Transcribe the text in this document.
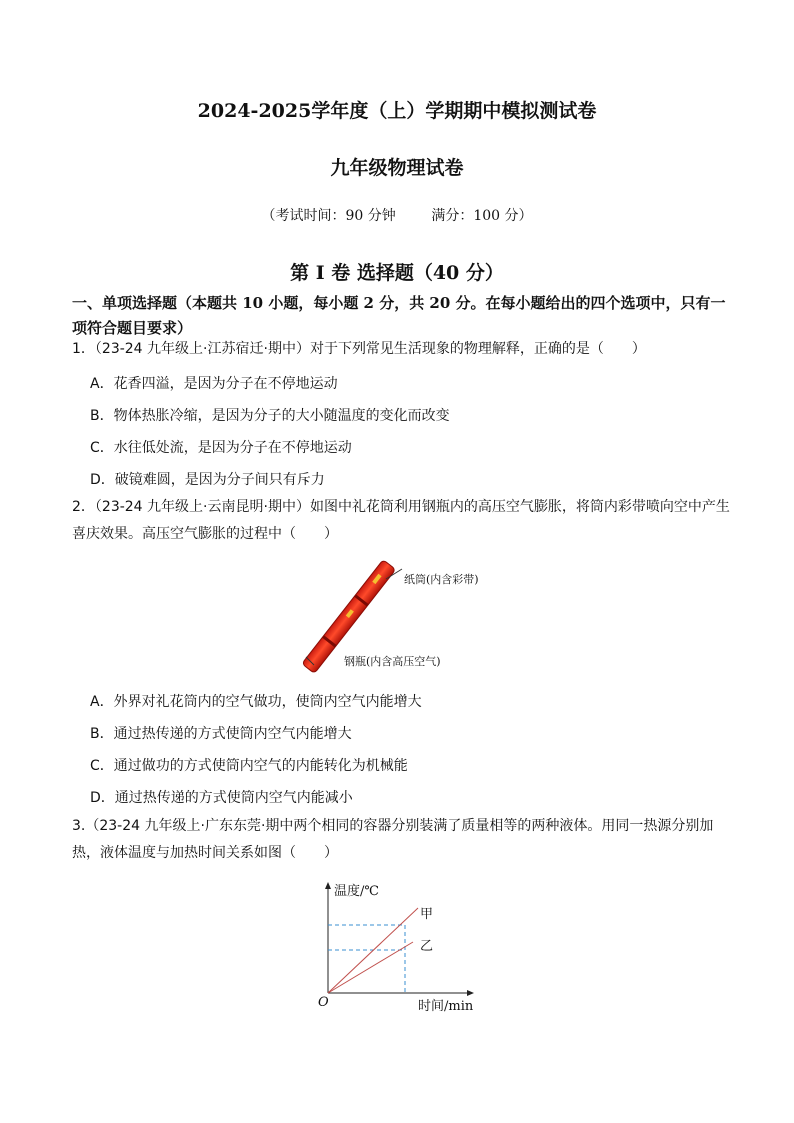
2024-2025学年度（上）学期期中模拟测试卷
九年级物理试卷
（考试时间：90 分钟        满分：100 分）
第 I 卷 选择题（40 分）
一、单项选择题（本题共 10 小题，每小题 2 分，共 20 分。在每小题给出的四个选项中，只有一项符合题目要求）
1．（23-24 九年级上·江苏宿迁·期中）对于下列常见生活现象的物理解释，正确的是（　　）
A．花香四溢，是因为分子在不停地运动
B．物体热胀冷缩，是因为分子的大小随温度的变化而改变
C．水往低处流，是因为分子在不停地运动
D．破镜难圆，是因为分子间只有斥力
2．（23-24 九年级上·云南昆明·期中）如图中礼花筒利用钢瓶内的高压空气膨胀，将筒内彩带喷向空中产生喜庆效果。高压空气膨胀的过程中（　　）
纸筒(内含彩带)
钢瓶(内含高压空气)
A．外界对礼花筒内的空气做功，使筒内空气内能增大
B．通过热传递的方式使筒内空气内能增大
C．通过做功的方式使筒内空气的内能转化为机械能
D．通过热传递的方式使筒内空气内能减小
3.（23-24 九年级上·广东东莞·期中两个相同的容器分别装满了质量相等的两种液体。用同一热源分别加热，液体温度与加热时间关系如图（　　）
温度/℃
时间/min
O
甲
乙
